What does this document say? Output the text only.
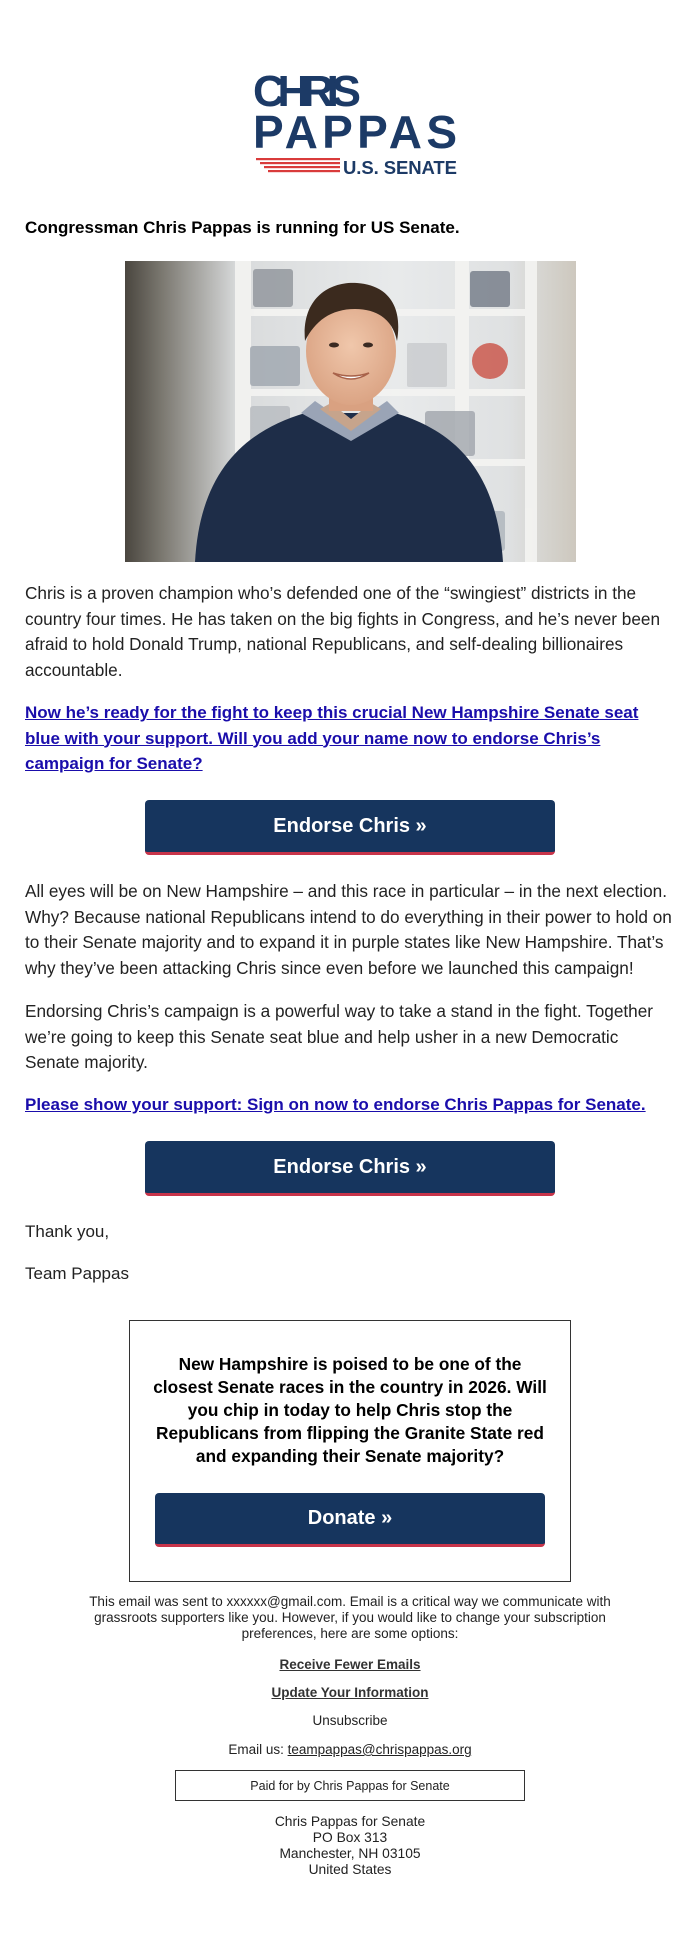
CHRIS
PAPPAS
U.S. SENATE
Congressman Chris Pappas is running for US Senate.

Chris is a proven champion who’s defended one of the “swingiest” districts in the country four times. He has taken on the big fights in Congress, and he’s never been afraid to hold Donald Trump, national Republicans, and self-dealing billionaires accountable.

Now he’s ready for the fight to keep this crucial New Hampshire Senate seat blue with your support. Will you add your name now to endorse Chris’s campaign for Senate?
Endorse Chris »

All eyes will be on New Hampshire – and this race in particular – in the next election. Why? Because national Republicans intend to do everything in their power to hold on to their Senate majority and to expand it in purple states like New Hampshire. That’s why they’ve been attacking Chris since even before we launched this campaign!

Endorsing Chris’s campaign is a powerful way to take a stand in the fight. Together we’re going to keep this Senate seat blue and help usher in a new Democratic Senate majority.

Please show your support: Sign on now to endorse Chris Pappas for Senate.
Endorse Chris »
Thank you,
Team Pappas
New Hampshire is poised to be one of the closest Senate races in the country in 2026. Will you chip in today to help Chris stop the Republicans from flipping the Granite State red and expanding their Senate majority?
Donate »
This email was sent to xxxxxx@gmail.com. Email is a critical way we communicate with grassroots supporters like you. However, if you would like to change your subscription preferences, here are some options:
Receive Fewer Emails
Update Your Information
Unsubscribe
Email us: teampappas@chrispappas.org
Paid for by Chris Pappas for Senate
Chris Pappas for Senate
PO Box 313
Manchester, NH 03105
United States
